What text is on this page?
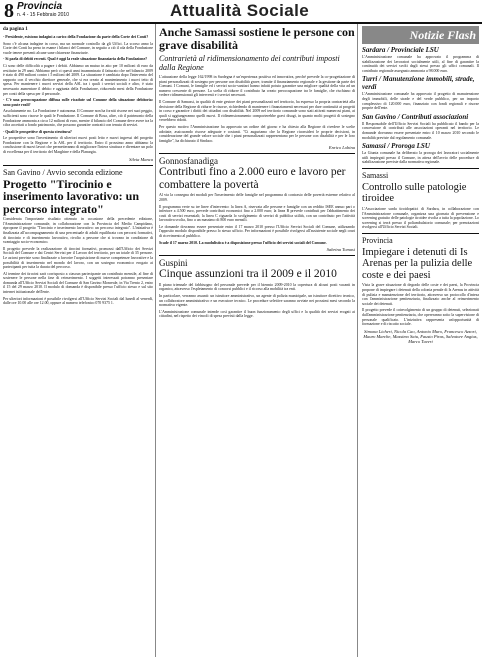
8 Provincia
n. 4 - 15 Febbraio 2010	Attualità Sociale
da pagina 1

- Presidente, esistono indagini a carico della Fondazione da parte della Corte dei Conti?

Sono c'è alcuna indagine in corso, ma un normale controllo da gli Uffici. La scorso anno la Corte dei Conti ha preso in esame i bilanci del Comune, in seguito a ciò il cda della Fondazione vuole tenere presenti alcune sane chiarezze finanziarie.

- Si parla di debiti recenti. Qual è oggi la reale situazione finanziaria della Fondazione?

Ci sono delle difficoltà a pagare i debiti. Abbiamo un mutuo in atto per 10 milioni di euro da restituire in 29 anni. Abbiamo però ci questi anni incamminato il fatturato che nel bilancio 2009 è stato di 490 milioni contro i 5 milioni del 2009. La situazione è cambiata dopo l'intervento del rapporto con il vecchio direttore generale, che si era creato al mantenimento i nuovi tetto di spesa. Per mantenere i nuovi servizi della ASL tra i quali i servizi sociali e altro, è stato necessario aumentare il debito e aggiunta della Fondazione, riducendo mesi della Fondazione per conti della spesa per il personale.

- C'è una preoccupazione diffusa sulle ricadute sul Comune della situazione debitoria: sono poste reali?

Assolutamente no. La Fondazione è autonoma. Il Comune non ha forniti risorse nei suoi peggio, sufficienti sono risorse le quali le Fondazione. Il Comune di Bosa, altre, ciò il patrimonio della Fondazione ammonta a circa 12 milioni di euro, mentre il bilancio del Comune deve avere tra la cifra accettati a fondo patrimonio, che possono garantire contratti con tenuta di servizi.

- Quali le prospettive di questa struttura?

Le prospettive sono l'investimento di ulteriori nuovi posti letto e nuovi ingressi del progetto Fondazione con la Regione e la ASL per il territorio. Entro il prossimo anno abbiamo la conclusione di nuovi lavori che permetteranno di migliorare l'intera struttura e diventare un polo di eccellenza per il territorio del Marghine e della Planargia.

Silvia Manca
San Gavino / Avvio seconda edizione
Progetto "Tirocinio e inserimento lavorativo: un percorso integrato"

Considerata l'importante risultato ottenuto in occasione della precedente edizione, l'Amministrazione comunale, in collaborazione con la Provincia del Medio Campidano, ripropone il progetto "Tirocinio e inserimento lavorativo: un percorso integrato". L'iniziativa è finalizzata all'accompagnamento di una percentuale di adulti equilibrata con percorsi formativi, di tirocinio e di inserimento lavorativo, rivolto a persone che si trovano in condizione di svantaggio socio-economico.

Il progetto prevede la realizzazione di tirocini formativi, promossi dall'Ufficio dei Servizi Sociali del Comune e dai Centri Servizi per il Lavoro del territorio, per un totale di 35 persone. Le azioni previste sono finalizzate a favorire l'acquisizione di nuove competenze lavorative e la possibilità di inserimento nel mondo del lavoro, con un sostegno economico erogato ai partecipanti per tutta la durata del percorso.

Al termine dei tirocini sarà corrisposto a ciascun partecipante un contributo mensile, al fine di sostenere le persone nella fase di reinserimento. I soggetti interessati potranno presentare domanda all'Ufficio Servizi Sociali del Comune di San Gavino Monreale, in Via Trento 2, entro il 15 del 29 marzo 2010. Il modulo di domanda è disponibile presso l'ufficio stesso e sul sito internet istituzionale dell'ente.

Per ulteriori informazioni è possibile rivolgersi all'Ufficio Servizi Sociali dal lunedì al venerdì, dalle ore 10.00 alle ore 12.00, oppure al numero telefonico 070 9375 1.

Anche Samassi sostiene le persone con grave disabilità
Contrarietà al ridimensionamento dei contributi imposti dalla Regione

L'attuazione della legge 162/1998 in Sardegna è un'esperienza positiva ed innovativa, perché prevede la co-progettazione di piani personalizzati di sostegno per persone con disabilità grave, tramite il finanziamento regionale e la gestione da parte dei Comuni. I Comuni, le famiglie ed i servizi socio-sanitari hanno infatti potuto garantire una migliore qualità della vita ad un numero crescente di persone. La scelta di ridurre il contributo ha creato preoccupazione tra le famiglie, che rischiano di vedere ridimensionati gli interventi e i servizi necessari.

Il Comune di Samassi, in qualità di ente gestore dei piani personalizzati nel territorio, ha espresso la propria contrarietà alla decisione della Regione di ridurre le risorse, richiedendo di mantenere i finanziamenti necessari per dare continuità ai progetti in corso e garantire i diritti dei cittadini con disabilità. Nel 2009 nel territorio comunale sono stati attivati numerosi piani, ai quali si aggiungeranno quelli nuovi. Il ridimensionamento comporterebbe gravi disagi, in quanto molti progetti di sostegno verrebbero ridotti.

Per questo motivo l'Amministrazione ha approvato un ordine del giorno e ha chiesto alla Regione di rivedere le scelte adottate, assicurando risorse adeguate e costanti. "Ci auguriamo che la Regione riconsideri le proprie decisioni, in considerazione del grande valore sociale che i piani personalizzati rappresentano per le persone con disabilità e per le loro famiglie", ha dichiarato il Sindaco.

Enrico Lobina
Gonnosfanadiga
Contributi fino a 2.000 euro e lavoro per combattere la povertà

Al via la consegna dei moduli per l'inserimento delle famiglie nel programma di contrasto delle povertà estreme relativo al 2009.

Il programma verte su tre linee d'intervento: la linea A, riservata alle persone e famiglie con un reddito ISEE annuo pari o inferiore a 4.500 euro, prevede contributi economici fino a 2.000 euro; la linea B prevede contributi per l'abbattimento dei costi di servizi essenziali; la linea C riguarda lo svolgimento di servizi di pubblica utilità, con un contributo per l'attività lavorativa svolta, fino a un massimo di 800 euro mensili.

Le domande dovranno essere presentate entro il 17 marzo 2010 presso l'Ufficio Servizi Sociali del Comune, utilizzando l'apposito modulo disponibile presso lo stesso ufficio. Per informazioni è possibile rivolgersi all'assistente sociale negli orari di ricevimento al pubblico.

Scade il 17 marzo 2010. La modulistica è a disposizione presso l'ufficio dei servizi sociali del Comune.

Sabrina Tomasi
Guspini
Cinque assunzioni tra il 2009 e il 2010

Il piano triennale del fabbisogno del personale prevede per il biennio 2009-2010 la copertura di alcuni posti vacanti in organico, attraverso l'espletamento di concorsi pubblici e il ricorso alla mobilità tra enti.

In particolare, verranno assunti: un istruttore amministrativo, un agente di polizia municipale, un istruttore direttivo tecnico, un collaboratore amministrativo e un esecutore tecnico. Le procedure selettive saranno avviate nei prossimi mesi secondo la normativa vigente.

L'Amministrazione comunale intende così garantire il buon funzionamento degli uffici e la qualità dei servizi erogati ai cittadini, nel rispetto dei vincoli di spesa previsti dalla legge.

Notizie Flash
Sardara / Provinciale LSU

L'Amministrazione comunale ha approvato il programma di stabilizzazione dei lavoratori socialmente utili, al fine di garantire la continuità dei servizi svolti dagli stessi presso gli uffici comunali. Il contributo regionale assegnato ammonta a 98.000 euro.

Turri / Manutenzione immobili, strade, verdi

L'Amministrazione comunale ha approvato il progetto di manutenzione degli immobili, delle strade e del verde pubblico, per un importo complessivo di 120.000 euro, finanziato con fondi regionali e risorse proprie dell'ente.

San Gavino / Contributi associazioni

Il Responsabile dell'Ufficio Servizi Sociali ha pubblicato il bando per la concessione di contributi alle associazioni operanti nel territorio. Le domande dovranno essere presentate entro il 10 marzo 2010 secondo le modalità previste dal regolamento comunale.

Samassi / Proroga LSU

La Giunta comunale ha deliberato la proroga dei lavoratori socialmente utili impiegati presso il Comune, in attesa dell'avvio delle procedure di stabilizzazione previste dalla normativa regionale.

Samassi
Controllo sulle patologie tiroidee

L'Associazione sarda tiroidopatici di Sardara, in collaborazione con l'Amministrazione comunale, organizza una giornata di prevenzione e screening gratuito delle patologie tiroidee rivolta a tutta la popolazione. Lo screening si terrà presso il poliambulatorio comunale; per prenotazioni rivolgersi all'Ufficio Servizi Sociali.

Provincia
Impiegare i detenuti di Is Arenas per la pulizia delle coste e dei paesi

Vista la grave situazione di degrado delle coste e dei paesi, la Provincia propone di impiegare i detenuti della colonia penale di Is Arenas in attività di pulizia e manutenzione del territorio, attraverso un protocollo d'intesa con l'amministrazione penitenziaria, finalizzato anche al reinserimento sociale dei detenuti.

Il progetto prevede il coinvolgimento di un gruppo di detenuti, selezionati dall'amministrazione penitenziaria, che opereranno sotto la supervisione di personale qualificato. L'iniziativa rappresenta un'opportunità di formazione e di riscatto sociale.

Simona Licheri, Nicola Cao, Antonio Muro, Francesco Azzori, Mauro Marche, Massimo Saiu, Fausto Piras, Salvatore Angius, Marco Tuveri
